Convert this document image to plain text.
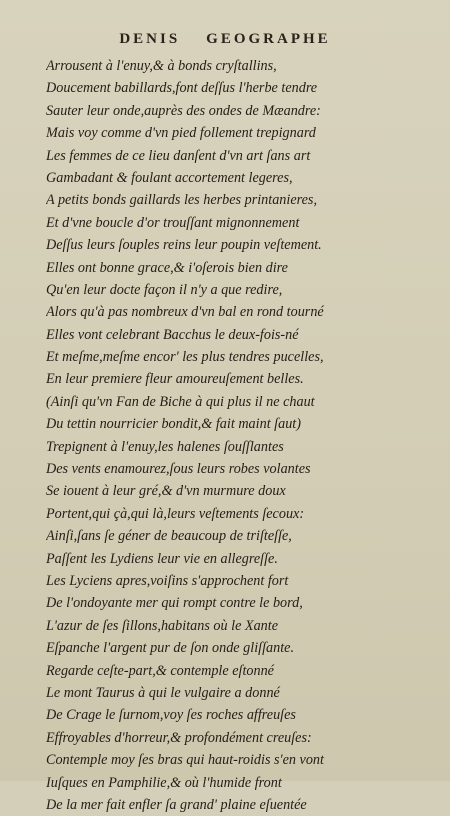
DENIS GEOGRAPHE
Arrousent à l'enuy,& à bonds cryſtallins,
Doucement babillards,font deſſus l'herbe tendre
Sauter leur onde,auprès des ondes de Mæandre:
Mais voy comme d'vn pied follement trepignard
Les femmes de ce lieu danſent d'vn art ſans art
Gambadant & foulant accortement legeres,
A petits bonds gaillards les herbes printanieres,
Et d'vne boucle d'or trouſſant mignonnement
Deſſus leurs ſouples reins leur poupin veſtement.
Elles ont bonne grace,& i'oſerois bien dire
Qu'en leur docte façon il n'y a que redire,
Alors qu'à pas nombreux d'vn bal en rond tourné
Elles vont celebrant Bacchus le deux-fois-né
Et meſme,meſme encor' les plus tendres pucelles,
En leur premiere fleur amoureuſement belles.
(Ainſi qu'vn Fan de Biche à qui plus il ne chaut
Du tettin nourricier bondit,& fait maint ſaut)
Trepignent à l'enuy,les halenes ſouſſlantes
Des vents enamourez,ſous leurs robes volantes
Se iouent à leur gré,& d'vn murmure doux
Portent,qui çà,qui là,leurs veſtements ſecoux:
Ainſi,ſans ſe géner de beaucoup de triſteſſe,
Paſſent les Lydiens leur vie en allegreſſe.
Les Lyciens apres,voiſins s'approchent fort
De l'ondoyante mer qui rompt contre le bord,
L'azur de ſes ſillons,habitans où le Xante
Eſpanche l'argent pur de ſon onde gliſſante.
Regarde ceſte-part,& contemple eſtonné
Le mont Taurus à qui le vulgaire a donné
De Crage le ſurnom,voy ſes roches affreuſes
Effroyables d'horreur,& profondément creuſes:
Contemple moy ſes bras qui haut-roidis s'en vont
Iuſques en Pamphilie,& où l'humide front
De la mer fait enfler ſa grand' plaine eſuentée
